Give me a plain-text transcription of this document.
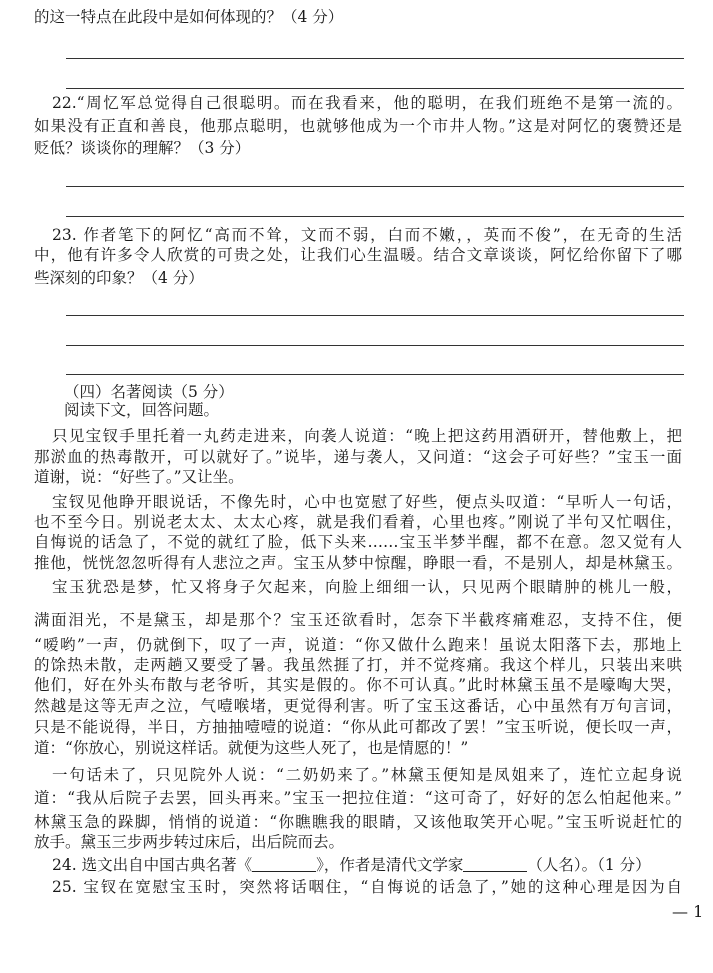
的这一特点在此段中是如何体现的？（4 分）
22.“周忆军总觉得自己很聪明。而在我看来，他的聪明，在我们班绝不是第一流的。
如果没有正直和善良，他那点聪明，也就够他成为一个市井人物。”这是对阿忆的褒赞还是
贬低？谈谈你的理解？（3 分）
23. 作者笔下的阿忆“高而不耸，文而不弱，白而不嫩，，英而不俊”，在无奇的生活
中，他有许多令人欣赏的可贵之处，让我们心生温暖。结合文章谈谈，阿忆给你留下了哪
些深刻的印象？（4 分）
（四）名著阅读（5 分）
阅读下文，回答问题。
只见宝钗手里托着一丸药走进来，向袭人说道：“晚上把这药用酒研开，替他敷上，把
那淤血的热毒散开，可以就好了。”说毕，递与袭人，又问道：“这会子可好些？”宝玉一面
道谢，说：“好些了。”又让坐。
宝钗见他睁开眼说话，不像先时，心中也宽慰了好些，便点头叹道：“早听人一句话，
也不至今日。别说老太太、太太心疼，就是我们看着，心里也疼。”刚说了半句又忙咽住，
自悔说的话急了，不觉的就红了脸，低下头来……宝玉半梦半醒，都不在意。忽又觉有人
推他，恍恍忽忽听得有人悲泣之声。宝玉从梦中惊醒，睁眼一看，不是别人，却是林黛玉。
宝玉犹恐是梦，忙又将身子欠起来，向脸上细细一认，只见两个眼睛肿的桃儿一般，
满面泪光，不是黛玉，却是那个？宝玉还欲看时，怎奈下半截疼痛难忍，支持不住，便
“嗳哟”一声，仍就倒下，叹了一声，说道：“你又做什么跑来！虽说太阳落下去，那地上
的馀热未散，走两趟又要受了暑。我虽然捱了打，并不觉疼痛。我这个样儿，只装出来哄
他们，好在外头布散与老爷听，其实是假的。你不可认真。”此时林黛玉虽不是嚎啕大哭，
然越是这等无声之泣，气噎喉堵，更觉得利害。听了宝玉这番话，心中虽然有万句言词，
只是不能说得，半日，方抽抽噎噎的说道：“你从此可都改了罢！”宝玉听说，便长叹一声，
道：“你放心，别说这样话。就便为这些人死了，也是情愿的！”
一句话未了，只见院外人说：“二奶奶来了。”林黛玉便知是凤姐来了，连忙立起身说
道：“我从后院子去罢，回头再来。”宝玉一把拉住道：“这可奇了，好好的怎么怕起他来。”
林黛玉急的跺脚，悄悄的说道：“你瞧瞧我的眼睛，又该他取笑开心呢。”宝玉听说赶忙的
放手。黛玉三步两步转过床后，出后院而去。
24. 选文出自中国古典名著《	》，作者是清代文学家	（人名）。（1 分）
25. 宝钗在宽慰宝玉时，突然将话咽住，“自悔说的话急了，”她的这种心理是因为自
— 1
